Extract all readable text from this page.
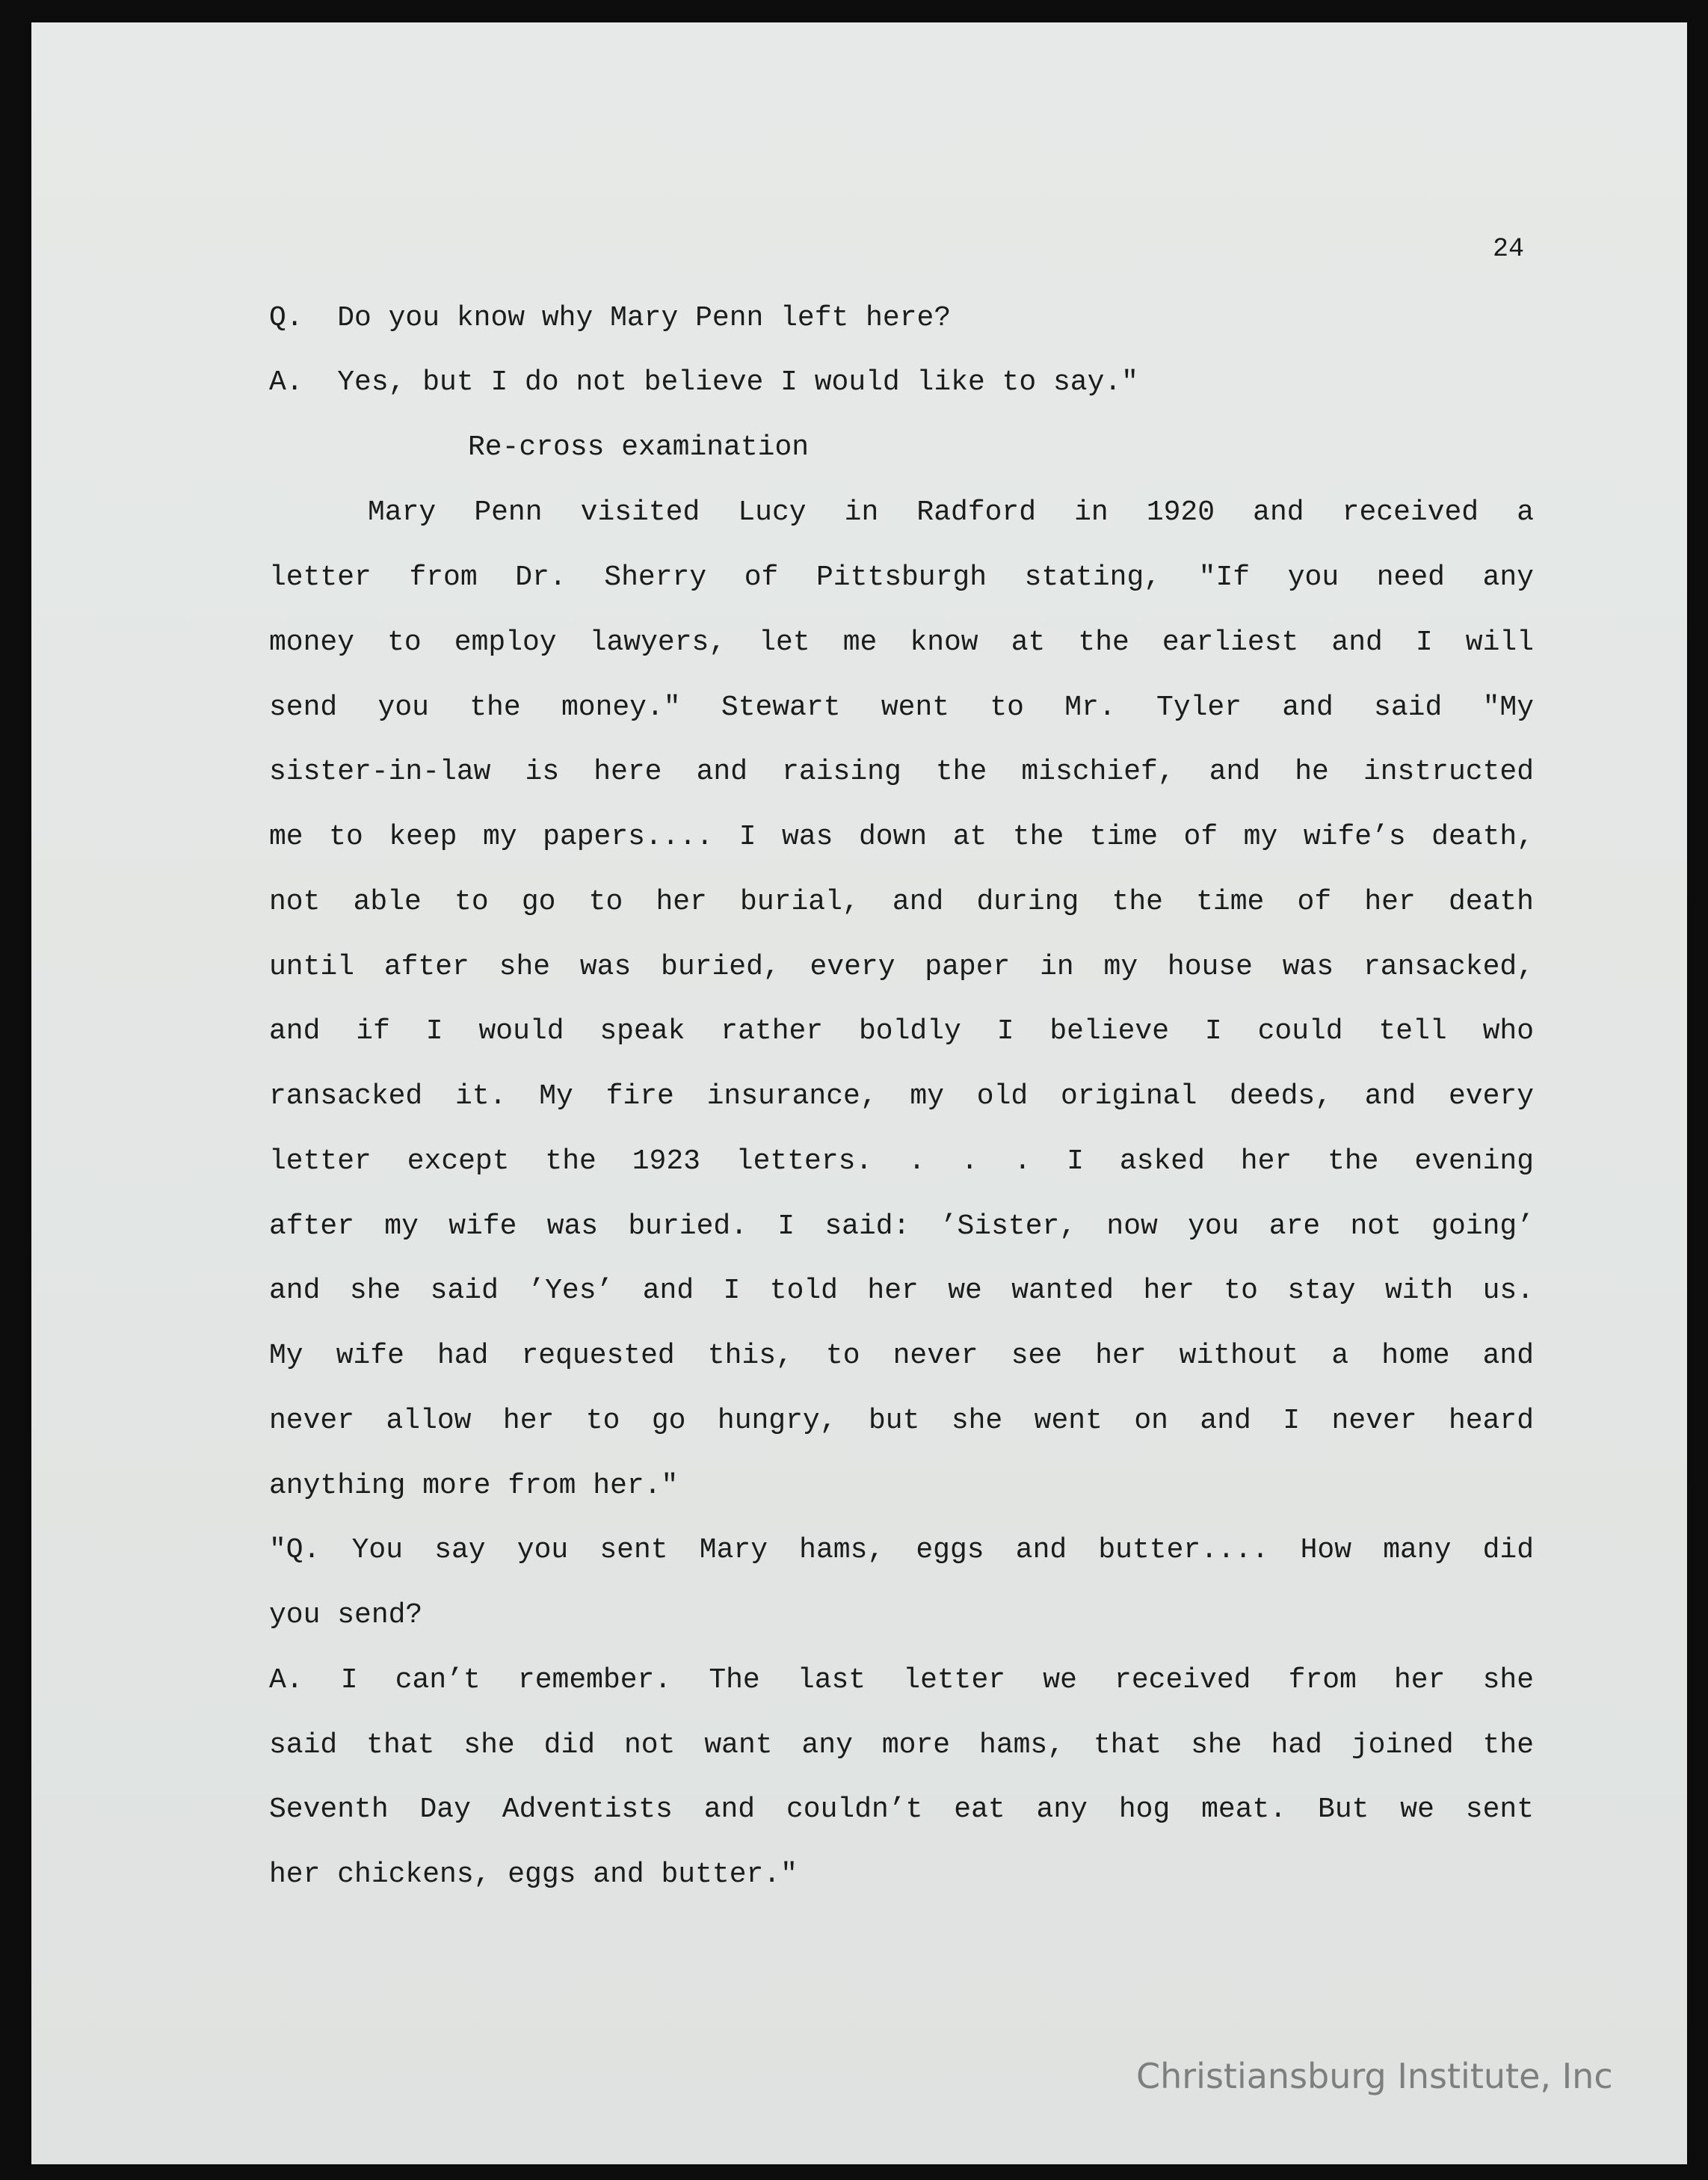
24
Q.  Do you know why Mary Penn left here?
A.  Yes, but I do not believe I would like to say."
Re-cross examination
Mary Penn visited Lucy in Radford in 1920 and received a
letter from Dr. Sherry of Pittsburgh stating, "If you need any
money to employ lawyers, let me know at the earliest and I will
send you the money." Stewart went to Mr. Tyler and said "My
sister-in-law is here and raising the mischief, and he instructed
me to keep my papers.... I was down at the time of my wife’s death,
not able to go to her burial, and during the time of her death
until after she was buried, every paper in my house was ransacked,
and if I would speak rather boldly I believe I could tell who
ransacked it. My fire insurance, my old original deeds, and every
letter except the 1923 letters. . . . I asked her the evening
after my wife was buried. I said: ’Sister, now you are not going’
and she said ’Yes’ and I told her we wanted her to stay with us.
My wife had requested this, to never see her without a home and
never allow her to go hungry, but she went on and I never heard
anything more from her."
"Q. You say you sent Mary hams, eggs and butter.... How many did
you send?
A. I can’t remember. The last letter we received from her she
said that she did not want any more hams, that she had joined the
Seventh Day Adventists and couldn’t eat any hog meat. But we sent
her chickens, eggs and butter."
Christiansburg Institute, Inc
